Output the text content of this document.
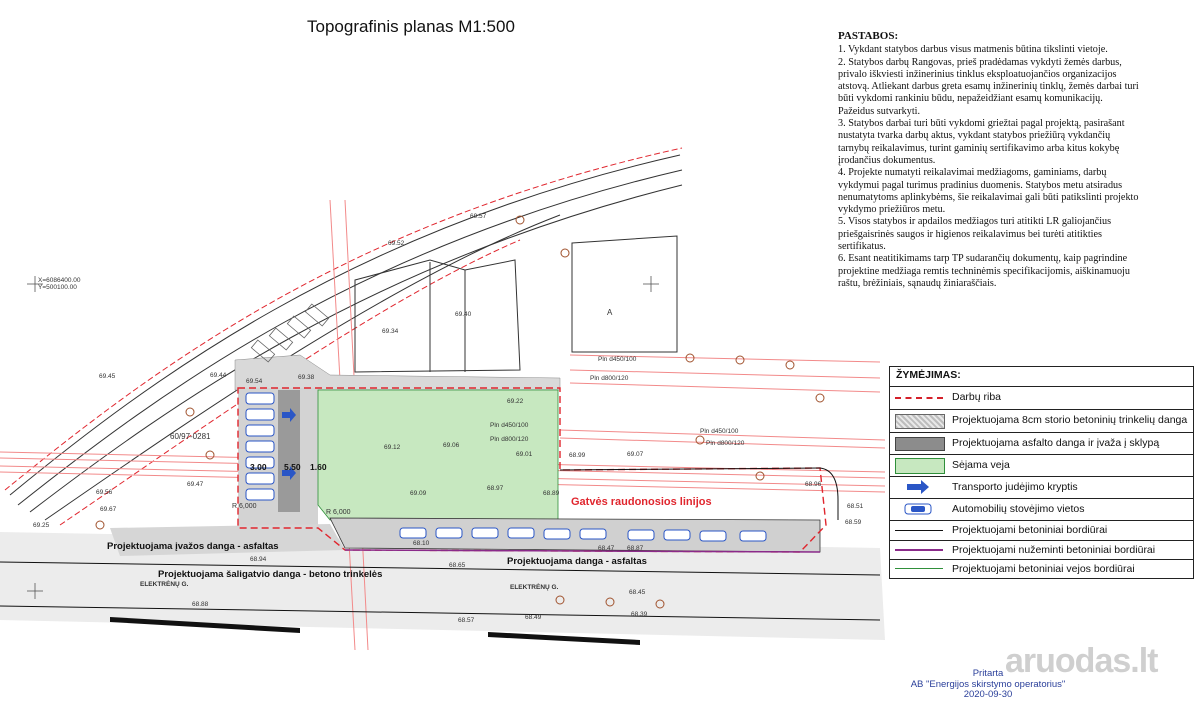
Topografinis planas M1:500	PASTABOS:
1. Vykdant statybos darbus visus matmenis būtina tikslinti vietoje.
2. Statybos darbų Rangovas, prieš pradėdamas vykdyti žemės darbus,
privalo iškviesti inžinerinius tinklus eksploatuojančios organizacijos
atstovą. Atliekant darbus greta esamų inžinerinių tinklų, žemės darbai turi
būti vykdomi rankiniu būdu, nepažeidžiant esamų komunikacijų.
Pažeidus sutvarkyti.
3. Statybos darbai turi būti vykdomi griežtai pagal projektą, pasirašant
nustatyta tvarka darbų aktus, vykdant statybos priežiūrą vykdančių
tarnybų reikalavimus, turint gaminių sertifikavimo arba kitus kokybę
įrodančius dokumentus.
4. Projekte numatyti reikalavimai medžiagoms, gaminiams, darbų
vykdymui pagal turimus pradinius duomenis. Statybos metu atsiradus
nenumatytoms aplinkybėms, šie reikalavimai gali būti patikslinti projekto
vykdymo priežiūros metu.
5. Visos statybos ir apdailos medžiagos turi atitikti LR galiojančius
priešgaisrinės saugos ir higienos reikalavimus bei turėti atitikties
sertifikatus.
6. Esant neatitikimams tarp TP sudarančių dokumentų, kaip pagrindine
projektine medžiaga remtis techninėmis specifikacijomis, aiškinamuoju
raštu, brėžiniais, sąnaudų žiniaraščiais.
Gatvės raudonosios linijos
Projektuojama įvažos danga - asfaltas
Projektuojama šaligatvio danga - betono trinkelės
Projektuojama danga - asfaltas
ELEKTRĖNŲ G.	ELEKTRĖNŲ G.
3.00 5.50 1.60
R 6,000
R 6,000
60/97-0281
A
X=6086400.00
Y=500100.00
Pln d450/100
Pln d800/120
Pln d450/100
Pln d800/120
Pln d450/100
Pln d800/120
69.52
69.57
69.34
69.38
69.44
69.40
69.54
69.22
69.12	69.06
69.01	68.99	69.07
69.09
68.97
68.89
68.96
69.45
69.47
69.56
69.67
69.25
68.94
68.88
68.65
68.57	68.49	68.39
68.45
68.51
68.59
68.87
68.47
68.10
ŽYMĖJIMAS:
Darbų riba
Projektuojama 8cm storio betoninių trinkelių danga
Projektuojama asfalto danga ir įvaža į sklypą
Sėjama veja
Transporto judėjimo kryptis
Automobilių stovėjimo vietos
Projektuojami betoniniai bordiūrai
Projektuojami nužeminti betoniniai bordiūrai
Projektuojami betoniniai vejos bordiūrai
aruodas.lt
Pritarta
AB "Energijos skirstymo operatorius"
2020-09-30
